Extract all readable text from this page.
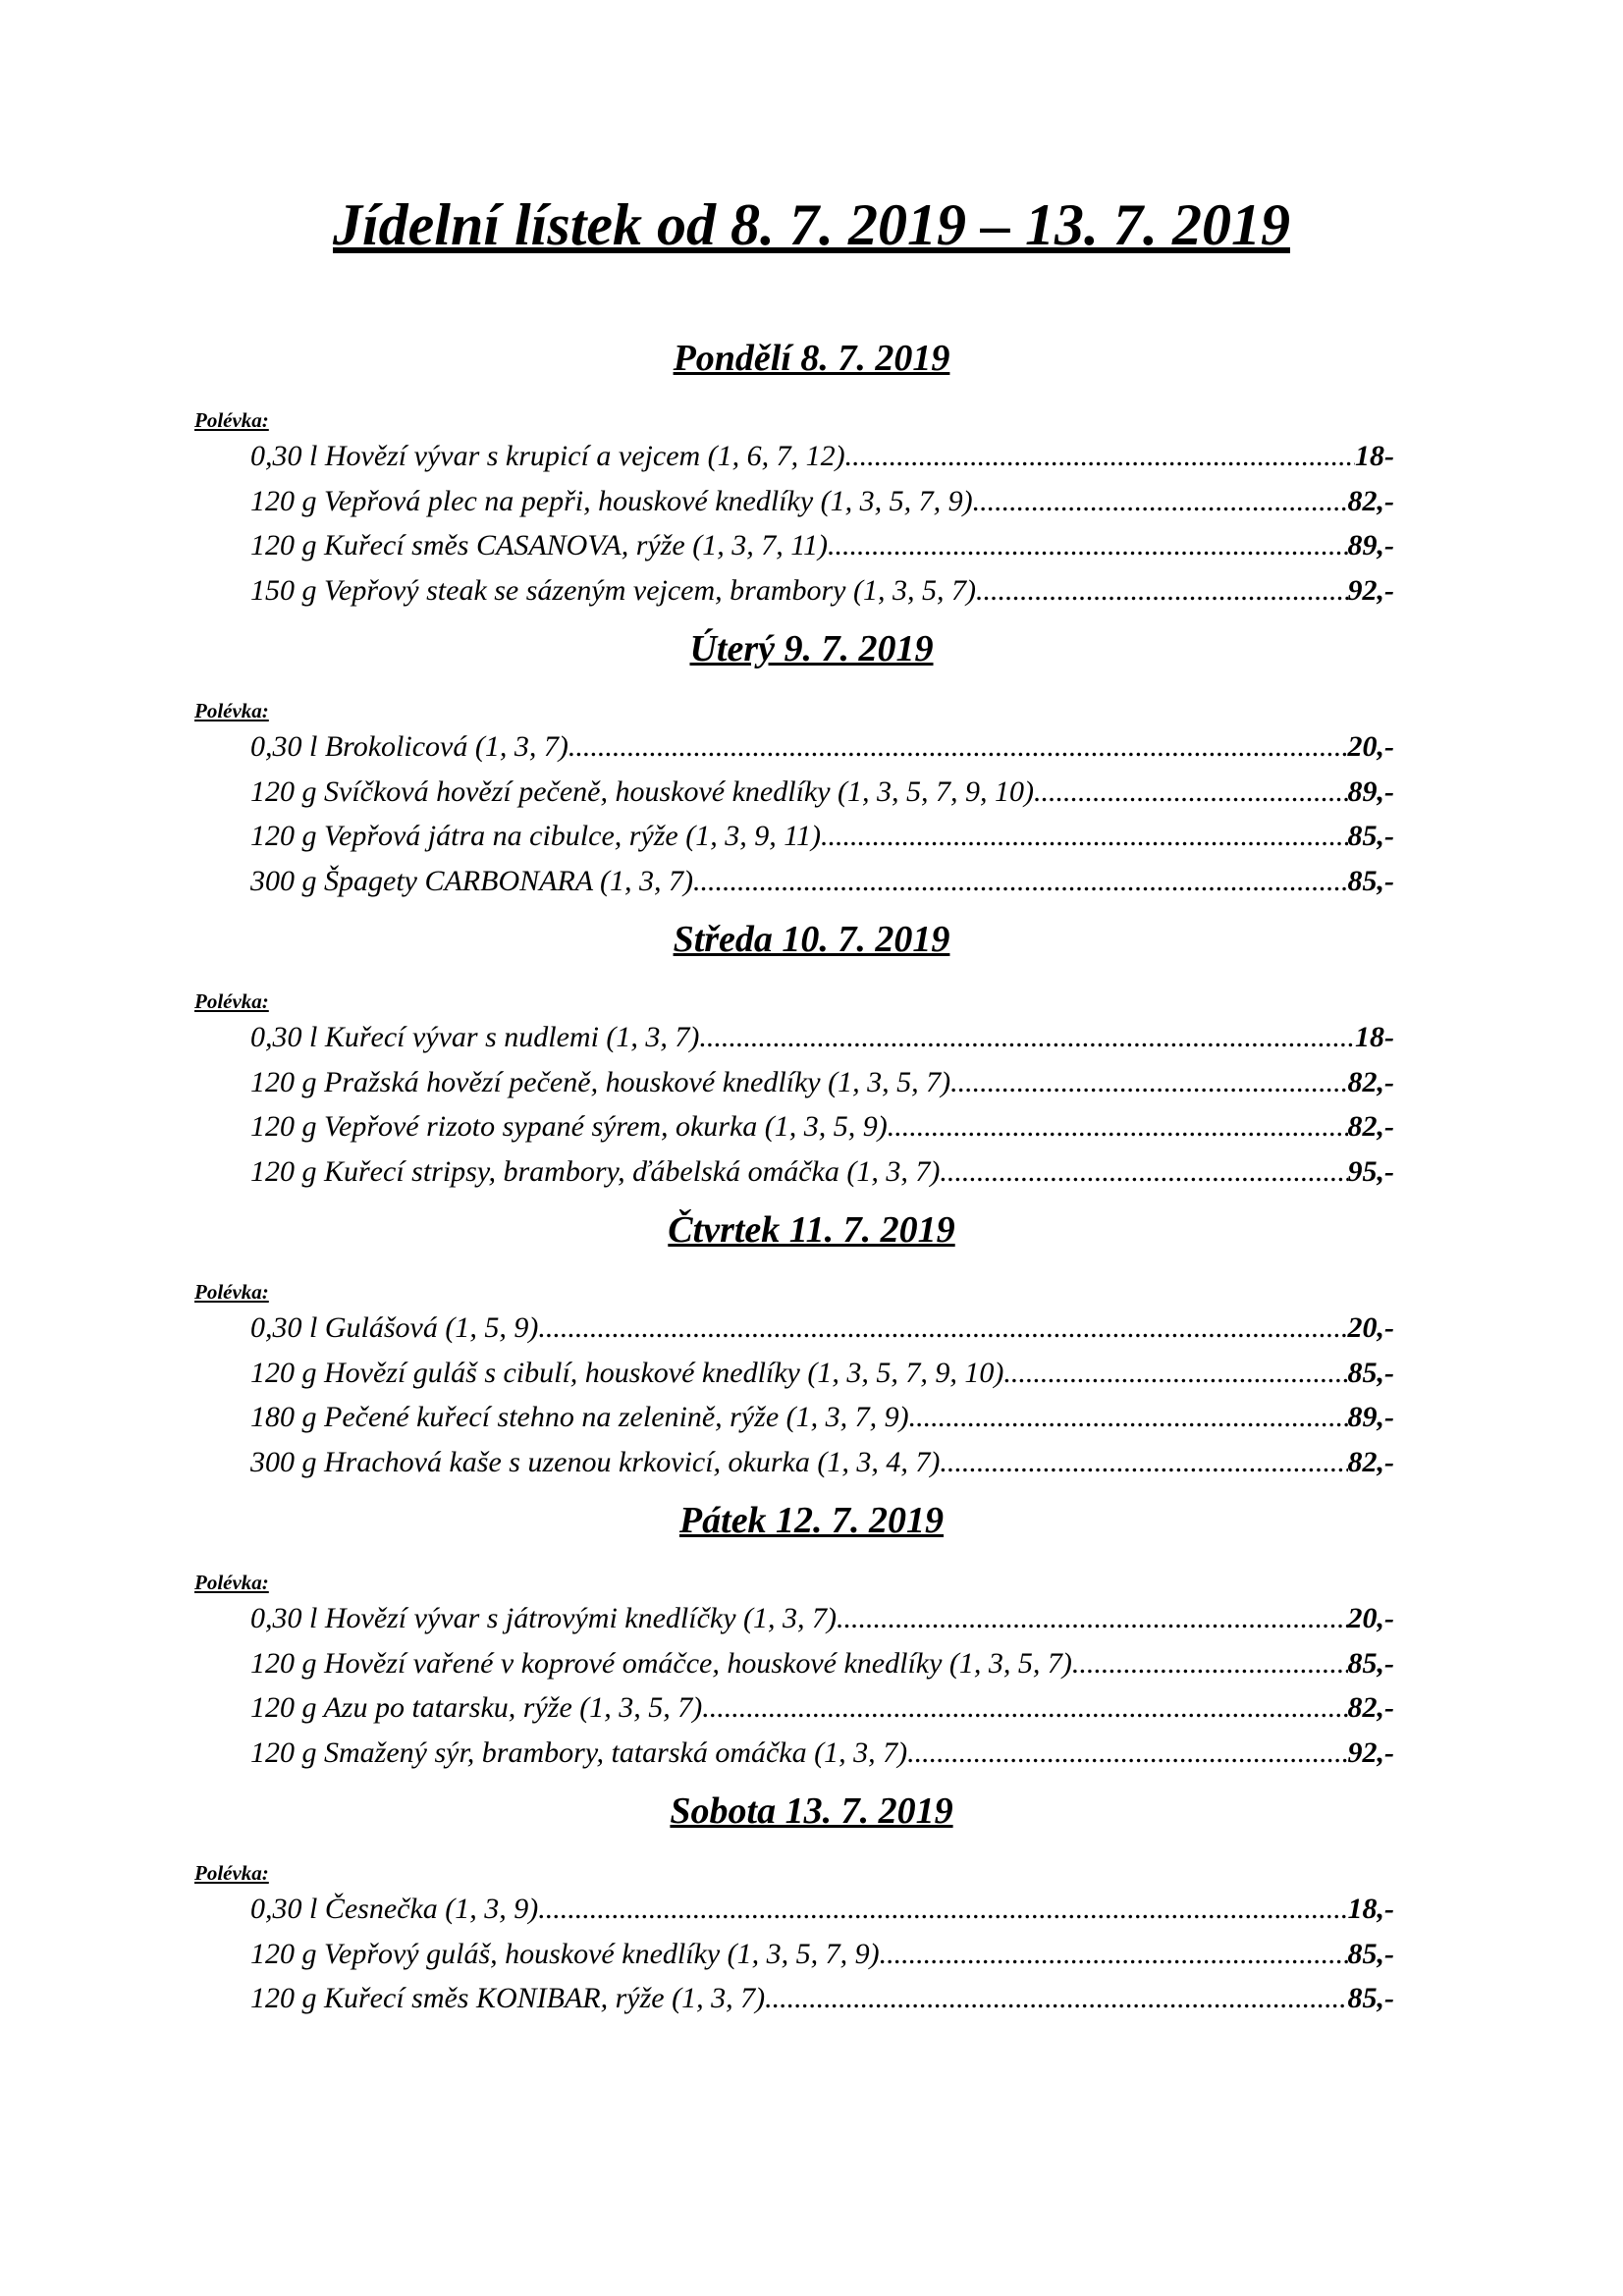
Jídelní lístek od 8. 7. 2019 – 13. 7. 2019
Pondělí 8. 7. 2019
Polévka:
0,30 l Hovězí vývar s krupicí a vejcem (1, 6, 7, 12) .....	18-
120 g Vepřová plec na pepři, houskové knedlíky (1, 3, 5, 7, 9) .....	82,-
120 g Kuřecí směs CASANOVA, rýže (1, 3, 7, 11) .....	89,-
150 g Vepřový steak se sázeným vejcem, brambory (1, 3, 5, 7) .....	92,-
Úterý 9. 7. 2019
Polévka:
0,30 l Brokolicová (1, 3, 7) .....	20,-
120 g Svíčková hovězí pečeně, houskové knedlíky (1, 3, 5, 7, 9, 10) .....	89,-
120 g Vepřová játra na cibulce, rýže (1, 3, 9, 11) .....	85,-
300 g Špagety CARBONARA (1, 3, 7) .....	85,-
Středa 10. 7. 2019
Polévka:
0,30 l Kuřecí vývar s nudlemi (1, 3, 7) .....	18-
120 g Pražská hovězí pečeně, houskové knedlíky (1, 3, 5, 7) .....	82,-
120 g Vepřové rizoto sypané sýrem, okurka (1, 3, 5, 9) .....	82,-
120 g Kuřecí stripsy, brambory, ďábelská omáčka (1, 3, 7) .....	95,-
Čtvrtek 11. 7. 2019
Polévka:
0,30 l Gulášová (1, 5, 9) .....	20,-
120 g Hovězí guláš s cibulí, houskové knedlíky (1, 3, 5, 7, 9, 10) .....	85,-
180 g Pečené kuřecí stehno na zelenině, rýže (1, 3, 7, 9) .....	89,-
300 g Hrachová kaše s uzenou krkovicí, okurka (1, 3, 4, 7) .....	82,-
Pátek 12. 7. 2019
Polévka:
0,30 l Hovězí vývar s játrovými knedlíčky (1, 3, 7) .....	20,-
120 g Hovězí vařené v koprové omáčce, houskové knedlíky (1, 3, 5, 7) .....	85,-
120 g Azu po tatarsku, rýže (1, 3, 5, 7) .....	82,-
120 g Smažený sýr, brambory, tatarská omáčka (1, 3, 7) .....	92,-
Sobota 13. 7. 2019
Polévka:
0,30 l Česnečka (1, 3, 9) .....	18,-
120 g Vepřový guláš, houskové knedlíky (1, 3, 5, 7, 9) .....	85,-
120 g Kuřecí směs KONIBAR, rýže (1, 3, 7) .....	85,-
